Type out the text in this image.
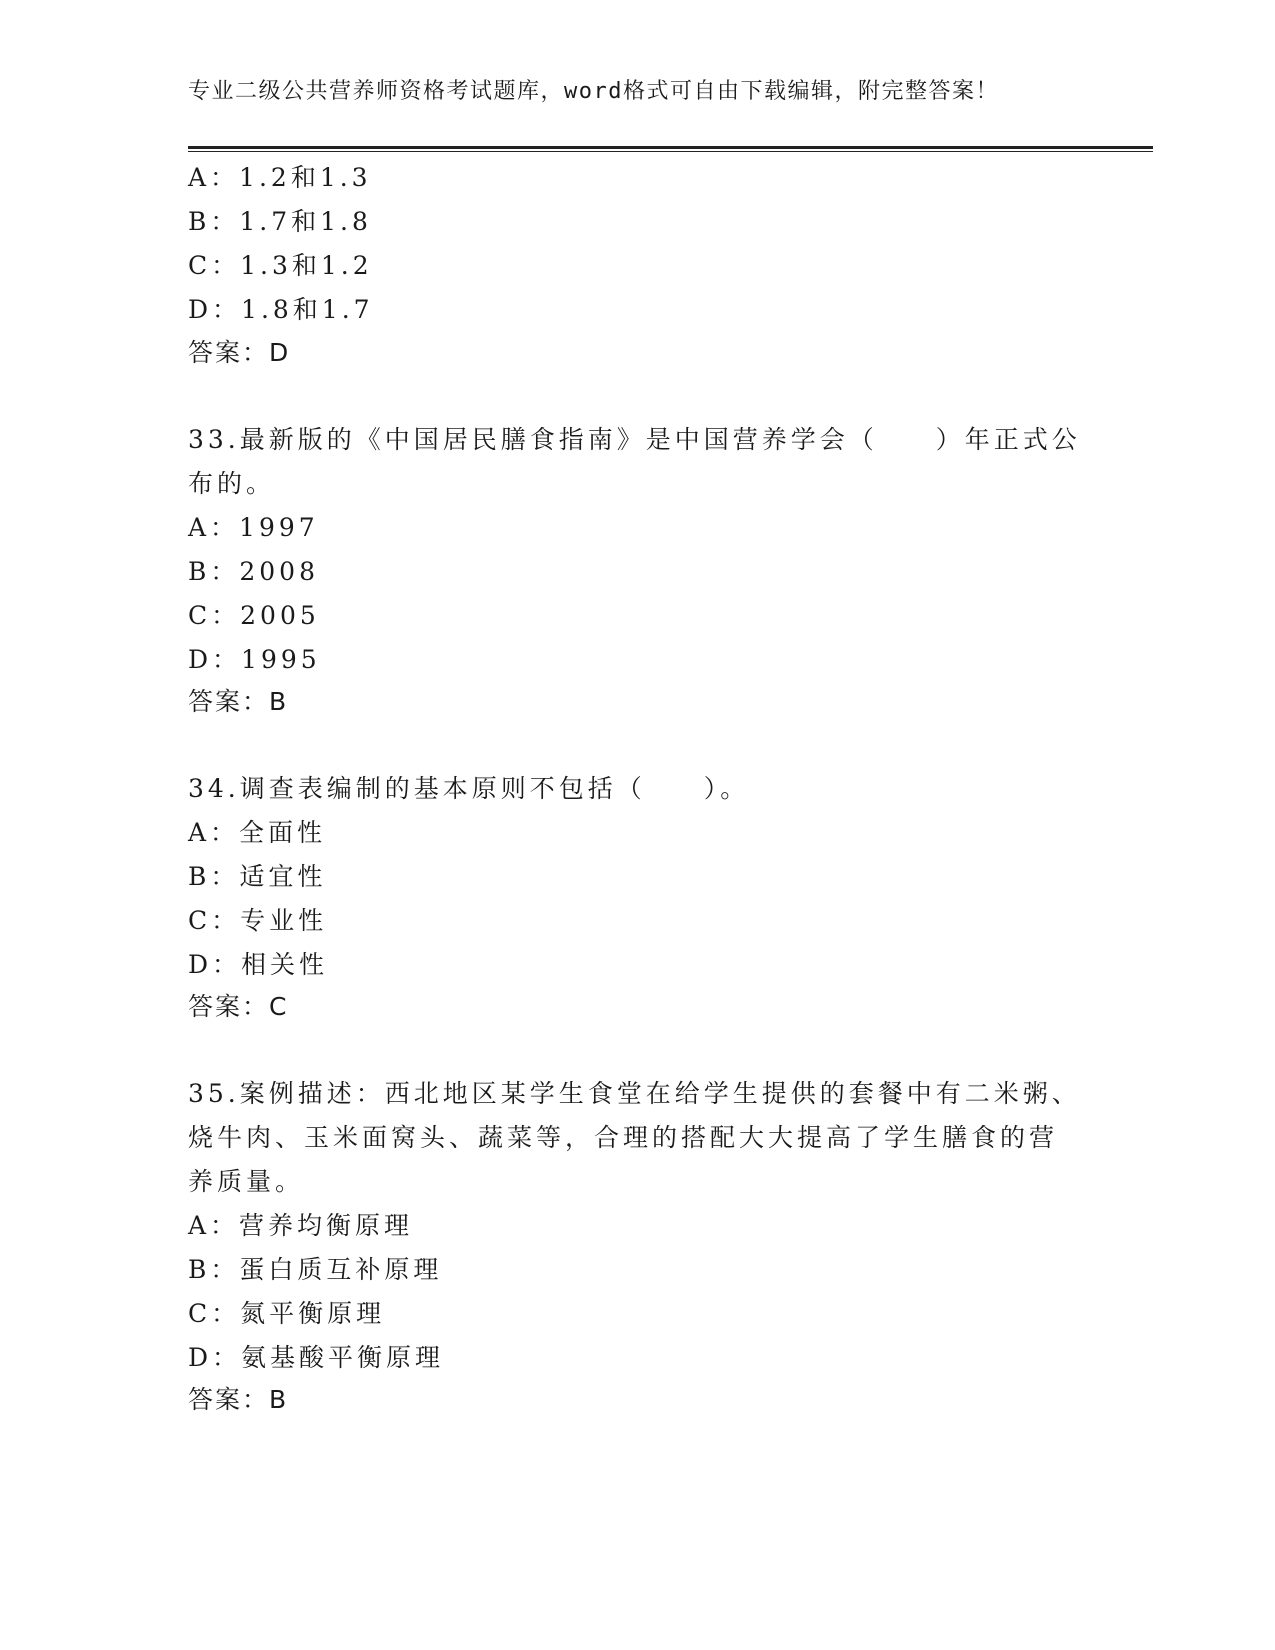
专业二级公共营养师资格考试题库，word格式可自由下载编辑，附完整答案！
A：1.2和1.3
B：1.7和1.8
C：1.3和1.2
D：1.8和1.7
答案：D
33.最新版的《中国居民膳食指南》是中国营养学会（　　）年正式公
布的。
A：1997
B：2008
C：2005
D：1995
答案：B
34.调查表编制的基本原则不包括（　　）。
A：全面性
B：适宜性
C：专业性
D：相关性
答案：C
35.案例描述：西北地区某学生食堂在给学生提供的套餐中有二米粥、
烧牛肉、玉米面窝头、蔬菜等，合理的搭配大大提高了学生膳食的营
养质量。
A：营养均衡原理
B：蛋白质互补原理
C：氮平衡原理
D：氨基酸平衡原理
答案：B
